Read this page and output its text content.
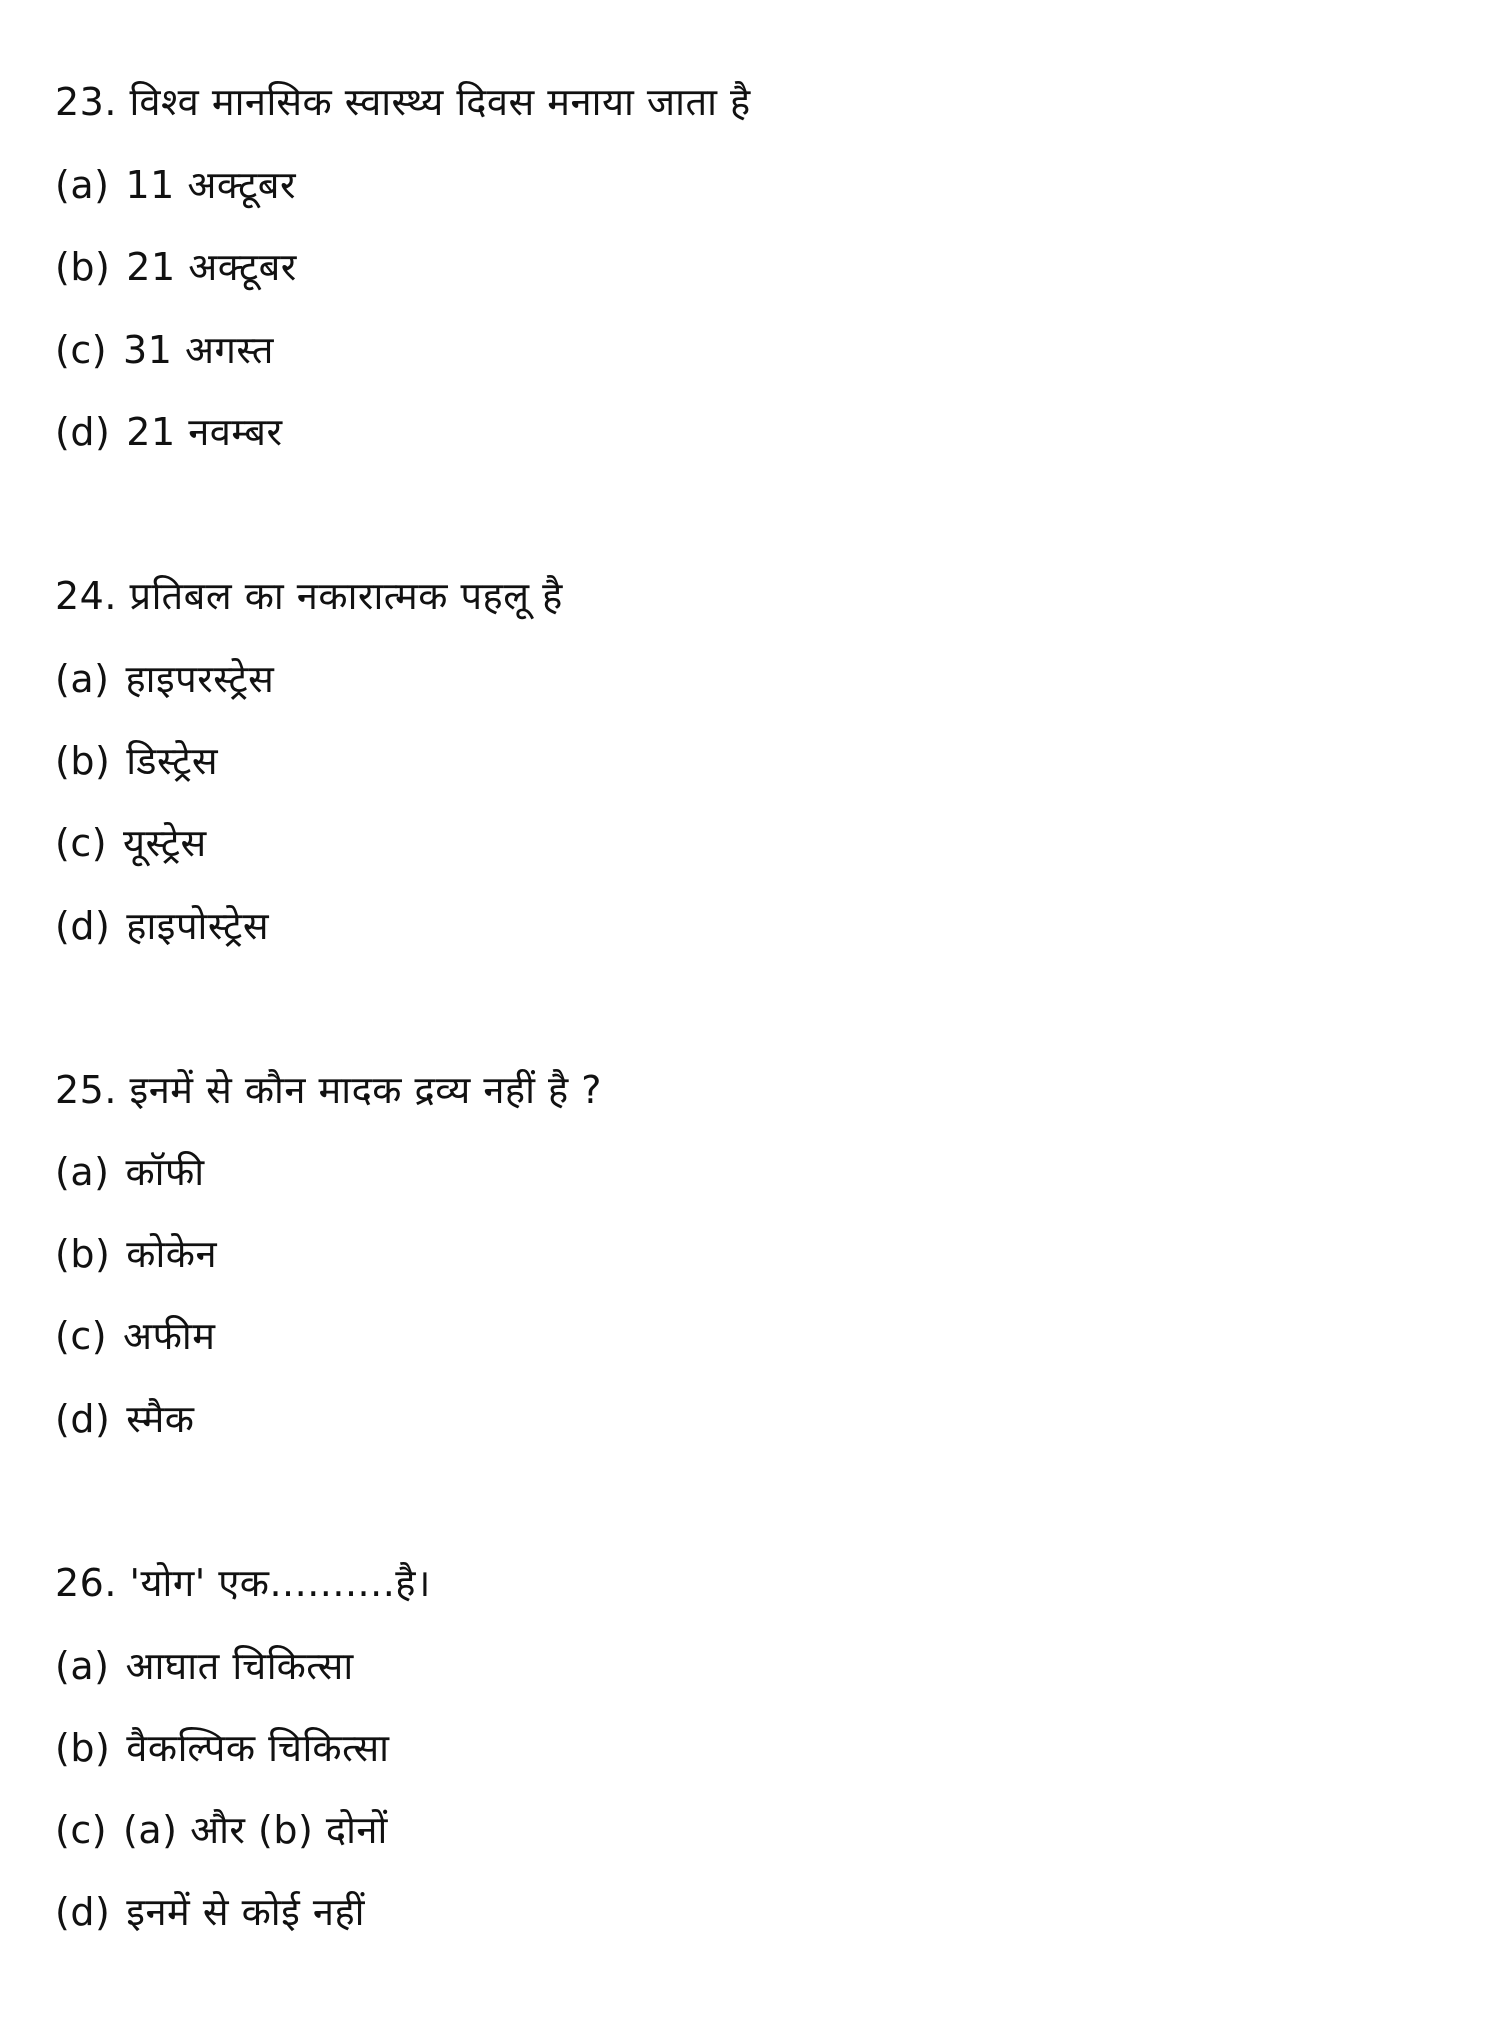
23. विश्व मानसिक स्वास्थ्य दिवस मनाया जाता है
(a) 11 अक्टूबर
(b) 21 अक्टूबर
(c) 31 अगस्त
(d) 21 नवम्बर
24. प्रतिबल का नकारात्मक पहलू है
(a) हाइपरस्ट्रेस
(b) डिस्ट्रेस
(c) यूस्ट्रेस
(d) हाइपोस्ट्रेस
25. इनमें से कौन मादक द्रव्य नहीं है ?
(a) कॉफी
(b) कोकेन
(c) अफीम
(d) स्मैक
26. 'योग' एक..........है।
(a) आघात चिकित्सा
(b) वैकल्पिक चिकित्सा
(c) (a) और (b) दोनों
(d) इनमें से कोई नहीं
